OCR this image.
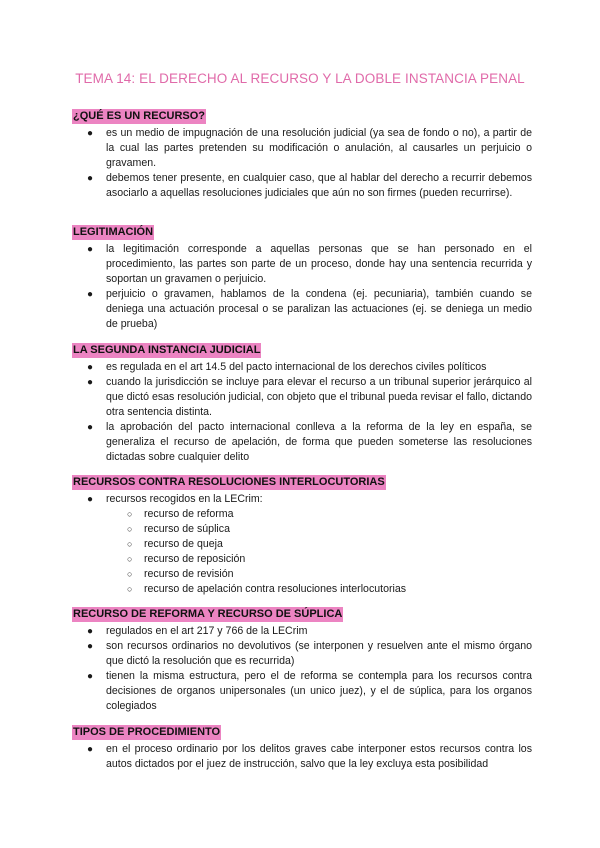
TEMA 14: EL DERECHO AL RECURSO Y LA DOBLE INSTANCIA PENAL
¿QUÉ ES UN RECURSO?
● es un medio de impugnación de una resolución judicial (ya sea de fondo o no), a partir de la cual las partes pretenden su modificación o anulación, al causarles un perjuicio o gravamen.
● debemos tener presente, en cualquier caso, que al hablar del derecho a recurrir debemos asociarlo a aquellas resoluciones judiciales que aún no son firmes (pueden recurrirse).
LEGITIMACIÓN
● la legitimación corresponde a aquellas personas que se han personado en el procedimiento, las partes son parte de un proceso, donde hay una sentencia recurrida y soportan un gravamen o perjuicio.
● perjuicio o gravamen, hablamos de la condena (ej. pecuniaria), también cuando se deniega una actuación procesal o se paralizan las actuaciones (ej. se deniega un medio de prueba)
LA SEGUNDA INSTANCIA JUDICIAL
● es regulada en el art 14.5 del pacto internacional de los derechos civiles políticos
● cuando la jurisdicción se incluye para elevar el recurso a un tribunal superior jerárquico al que dictó esas resolución judicial, con objeto que el tribunal pueda revisar el fallo, dictando otra sentencia distinta.
● la aprobación del pacto internacional conlleva a la reforma de la ley en españa, se generaliza el recurso de apelación, de forma que pueden someterse las resoluciones dictadas sobre cualquier delito
RECURSOS CONTRA RESOLUCIONES INTERLOCUTORIAS
● recursos recogidos en la LECrim:
○ recurso de reforma
○ recurso de súplica
○ recurso de queja
○ recurso de reposición
○ recurso de revisión
○ recurso de apelación contra resoluciones interlocutorias
RECURSO DE REFORMA Y RECURSO DE SÚPLICA
● regulados en el art 217 y 766 de la LECrim
● son recursos ordinarios no devolutivos (se interponen y resuelven ante el mismo órgano que dictó la resolución que es recurrida)
● tienen la misma estructura, pero el de reforma se contempla para los recursos contra decisiones de organos unipersonales (un unico juez), y el de súplica, para los organos colegiados
TIPOS DE PROCEDIMIENTO
● en el proceso ordinario por los delitos graves cabe interponer estos recursos contra los autos dictados por el juez de instrucción, salvo que la ley excluya esta posibilidad
